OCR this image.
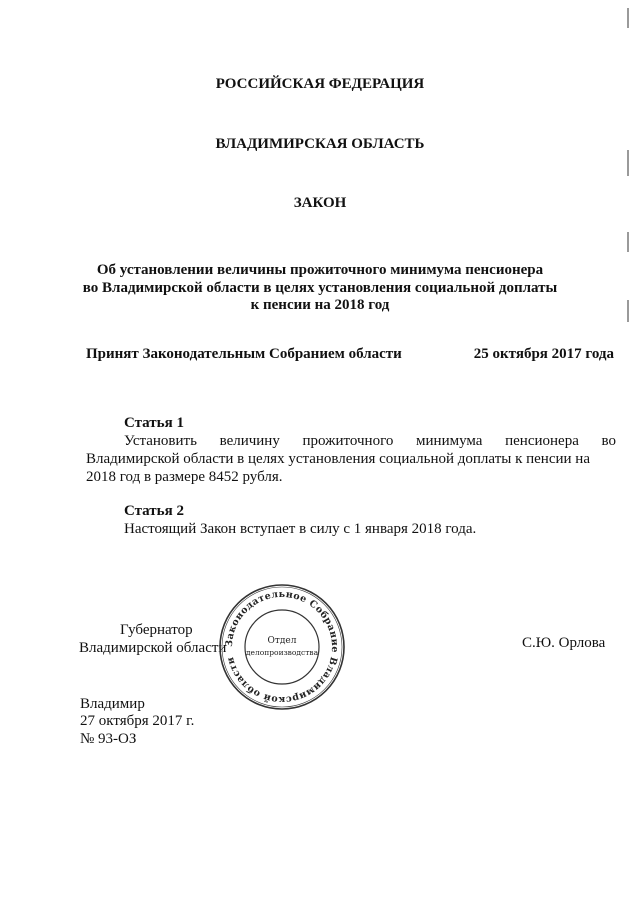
РОССИЙСКАЯ ФЕДЕРАЦИЯ
ВЛАДИМИРСКАЯ ОБЛАСТЬ
ЗАКОН
Об установлении величины прожиточного минимума пенсионера
во Владимирской области в целях установления социальной доплаты
к пенсии на 2018 год
Принят Законодательным Собранием области	25 октября 2017 года
Статья 1
Установить величину прожиточного минимума пенсионера во
Владимирской области в целях установления социальной доплаты к пенсии на
2018 год в размере 8452 рубля.
Статья 2
Настоящий Закон вступает в силу с 1 января 2018 года.
Губернатор
Владимирской области	С.Ю. Орлова
Законодательное Собрание Владимирской области
Отдел
делопроизводства
Владимир
27 октября 2017 г.
№ 93-ОЗ
